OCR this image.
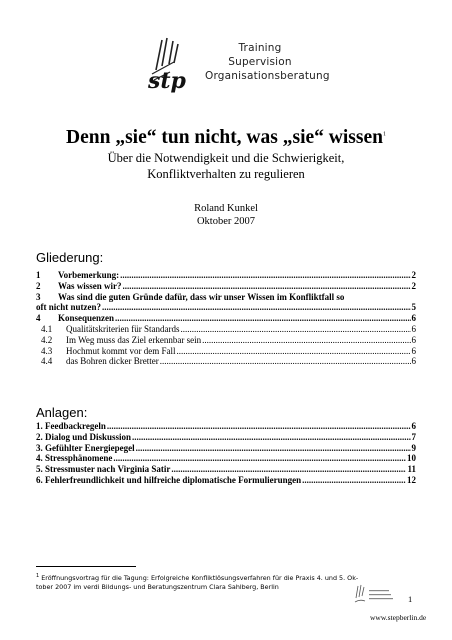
stp
Training
Supervision
Organisationsberatung
Denn „sie“ tun nicht, was „sie“ wissen$^1$
Über die Notwendigkeit und die Schwierigkeit,
Konfliktverhalten zu regulieren
Roland Kunkel
Oktober 2007
Gliederung:
1	Vorbemerkung: .....	2
2	Was wissen wir? .....	2
3	Was sind die guten Gründe dafür, dass wir unser Wissen im Konfliktfall so
oft nicht nutzen? .....	5
4	Konsequenzen .....	6
4.1	Qualitätskriterien für Standards .....	6
4.2	Im Weg muss das Ziel erkennbar sein .....	6
4.3	Hochmut kommt vor dem Fall .....	6
4.4	das Bohren dicker Bretter .....	6
Anlagen:
1. Feedbackregeln .....	6
2. Dialog und Diskussion .....	7
3. Gefühlter Energiepegel .....	9
4. Stressphänomene .....	10
5. Stressmuster nach Virginia Satir .....	11
6. Fehlerfreundlichkeit und hilfreiche diplomatische Formulierungen .....	12
$^1$ Eröffnungsvortrag für die Tagung: Erfolgreiche Konfliktlösungsverfahren für die Praxis 4. und 5. Ok-
tober 2007 im verdi Bildungs- und Beratungszentrum Clara Sahlberg, Berlin
1
www.stepberlin.de
